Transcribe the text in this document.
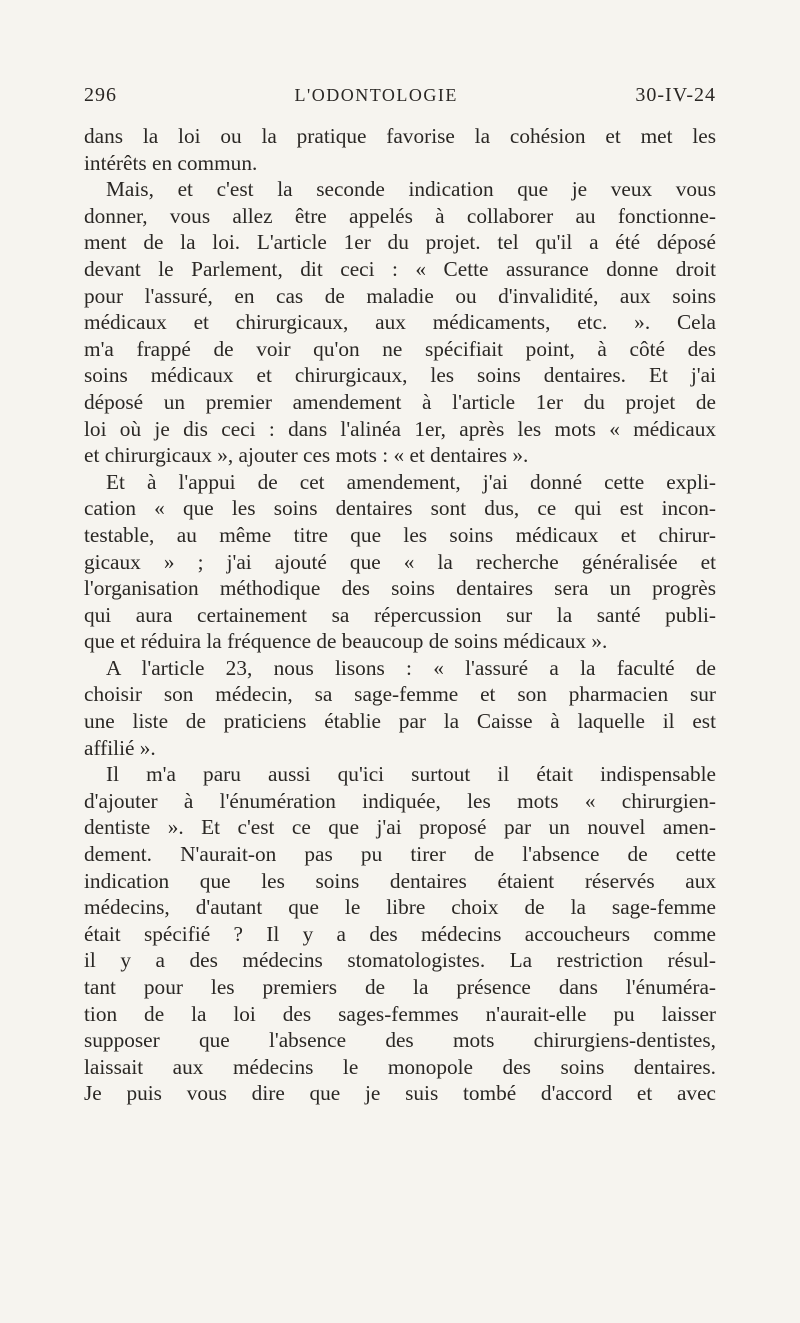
296	L'ODONTOLOGIE	30-IV-24
dans la loi ou la pratique favorise la cohésion et met les
intérêts en commun.
Mais, et c'est la seconde indication que je veux vous
donner, vous allez être appelés à collaborer au fonctionne-
ment de la loi. L'article 1er du projet. tel qu'il a été déposé
devant le Parlement, dit ceci : « Cette assurance donne droit
pour l'assuré, en cas de maladie ou d'invalidité, aux soins
médicaux et chirurgicaux, aux médicaments, etc. ». Cela
m'a frappé de voir qu'on ne spécifiait point, à côté des
soins médicaux et chirurgicaux, les soins dentaires. Et j'ai
déposé un premier amendement à l'article 1er du projet de
loi où je dis ceci : dans l'alinéa 1er, après les mots « médicaux
et chirurgicaux », ajouter ces mots : « et dentaires ».
Et à l'appui de cet amendement, j'ai donné cette expli-
cation « que les soins dentaires sont dus, ce qui est incon-
testable, au même titre que les soins médicaux et chirur-
gicaux » ; j'ai ajouté que « la recherche généralisée et
l'organisation méthodique des soins dentaires sera un progrès
qui aura certainement sa répercussion sur la santé publi-
que et réduira la fréquence de beaucoup de soins médicaux ».
A l'article 23, nous lisons : « l'assuré a la faculté de
choisir son médecin, sa sage-femme et son pharmacien sur
une liste de praticiens établie par la Caisse à laquelle il est
affilié ».
Il m'a paru aussi qu'ici surtout il était indispensable
d'ajouter à l'énumération indiquée, les mots « chirurgien-
dentiste ». Et c'est ce que j'ai proposé par un nouvel amen-
dement. N'aurait-on pas pu tirer de l'absence de cette
indication que les soins dentaires étaient réservés aux
médecins, d'autant que le libre choix de la sage-femme
était spécifié ? Il y a des médecins accoucheurs comme
il y a des médecins stomatologistes. La restriction résul-
tant pour les premiers de la présence dans l'énuméra-
tion de la loi des sages-femmes n'aurait-elle pu laisser
supposer que l'absence des mots chirurgiens-dentistes,
laissait aux médecins le monopole des soins dentaires.
Je puis vous dire que je suis tombé d'accord et avec
